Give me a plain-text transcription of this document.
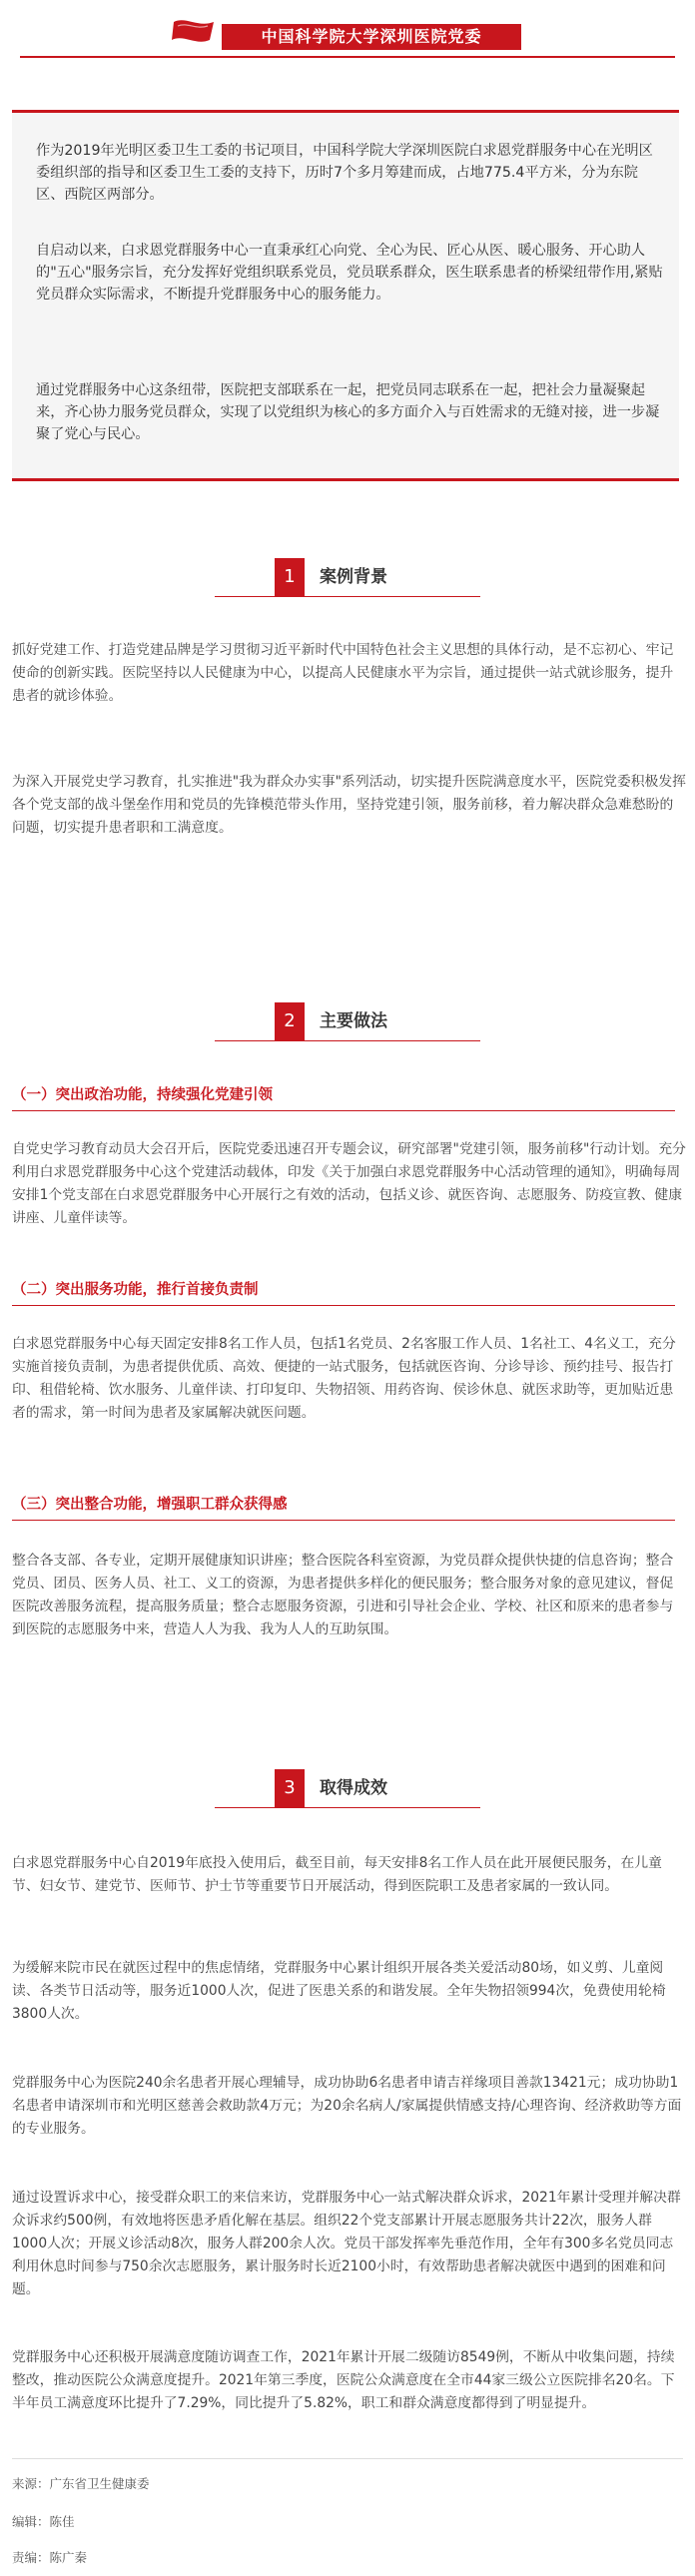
中国科学院大学深圳医院党委
作为2019年光明区委卫生工委的书记项目，中国科学院大学深圳医院白求恩党群服务中心在光明区委组织部的指导和区委卫生工委的支持下，历时7个多月筹建而成，占地775.4平方米，分为东院区、西院区两部分。
自启动以来，白求恩党群服务中心一直秉承红心向党、全心为民、匠心从医、暖心服务、开心助人的"五心"服务宗旨，充分发挥好党组织联系党员，党员联系群众，医生联系患者的桥梁纽带作用,紧贴党员群众实际需求，不断提升党群服务中心的服务能力。
通过党群服务中心这条纽带，医院把支部联系在一起，把党员同志联系在一起，把社会力量凝聚起来，齐心协力服务党员群众，实现了以党组织为核心的多方面介入与百姓需求的无缝对接，进一步凝聚了党心与民心。
1	案例背景
抓好党建工作、打造党建品牌是学习贯彻习近平新时代中国特色社会主义思想的具体行动，是不忘初心、牢记使命的创新实践。医院坚持以人民健康为中心，以提高人民健康水平为宗旨，通过提供一站式就诊服务，提升患者的就诊体验。
为深入开展党史学习教育，扎实推进"我为群众办实事"系列活动，切实提升医院满意度水平，医院党委积极发挥各个党支部的战斗堡垒作用和党员的先锋模范带头作用，坚持党建引领，服务前移，着力解决群众急难愁盼的问题，切实提升患者职和工满意度。
2	主要做法
（一）突出政治功能，持续强化党建引领
自党史学习教育动员大会召开后，医院党委迅速召开专题会议，研究部署"党建引领，服务前移"行动计划。充分利用白求恩党群服务中心这个党建活动载体，印发《关于加强白求恩党群服务中心活动管理的通知》，明确每周安排1个党支部在白求恩党群服务中心开展行之有效的活动，包括义诊、就医咨询、志愿服务、防疫宣教、健康讲座、儿童伴读等。
（二）突出服务功能，推行首接负责制
白求恩党群服务中心每天固定安排8名工作人员，包括1名党员、2名客服工作人员、1名社工、4名义工，充分实施首接负责制，为患者提供优质、高效、便捷的一站式服务，包括就医咨询、分诊导诊、预约挂号、报告打印、租借轮椅、饮水服务、儿童伴读、打印复印、失物招领、用药咨询、侯诊休息、就医求助等，更加贴近患者的需求，第一时间为患者及家属解决就医问题。
（三）突出整合功能，增强职工群众获得感
整合各支部、各专业，定期开展健康知识讲座；整合医院各科室资源，为党员群众提供快捷的信息咨询；整合党员、团员、医务人员、社工、义工的资源，为患者提供多样化的便民服务；整合服务对象的意见建议，督促医院改善服务流程，提高服务质量；整合志愿服务资源，引进和引导社会企业、学校、社区和原来的患者参与到医院的志愿服务中来，营造人人为我、我为人人的互助氛围。
3	取得成效
白求恩党群服务中心自2019年底投入使用后，截至目前，每天安排8名工作人员在此开展便民服务，在儿童节、妇女节、建党节、医师节、护士节等重要节日开展活动，得到医院职工及患者家属的一致认同。
为缓解来院市民在就医过程中的焦虑情绪，党群服务中心累计组织开展各类关爱活动80场，如义剪、儿童阅读、各类节日活动等，服务近1000人次，促进了医患关系的和谐发展。全年失物招领994次，免费使用轮椅3800人次。
党群服务中心为医院240余名患者开展心理辅导，成功协助6名患者申请吉祥缘项目善款13421元；成功协助1名患者申请深圳市和光明区慈善会救助款4万元；为20余名病人/家属提供情感支持/心理咨询、经济救助等方面的专业服务。
通过设置诉求中心，接受群众职工的来信来访，党群服务中心一站式解决群众诉求，2021年累计受理并解决群众诉求约500例，有效地将医患矛盾化解在基层。组织22个党支部累计开展志愿服务共计22次，服务人群1000人次；开展义诊活动8次，服务人群200余人次。党员干部发挥率先垂范作用，全年有300多名党员同志利用休息时间参与750余次志愿服务，累计服务时长近2100小时，有效帮助患者解决就医中遇到的困难和问题。
党群服务中心还积极开展满意度随访调查工作，2021年累计开展二级随访8549例，不断从中收集问题，持续整改，推动医院公众满意度提升。2021年第三季度，医院公众满意度在全市44家三级公立医院排名20名。下半年员工满意度环比提升了7.29%，同比提升了5.82%，职工和群众满意度都得到了明显提升。
来源：广东省卫生健康委
编辑：陈佳
责编：陈广秦
